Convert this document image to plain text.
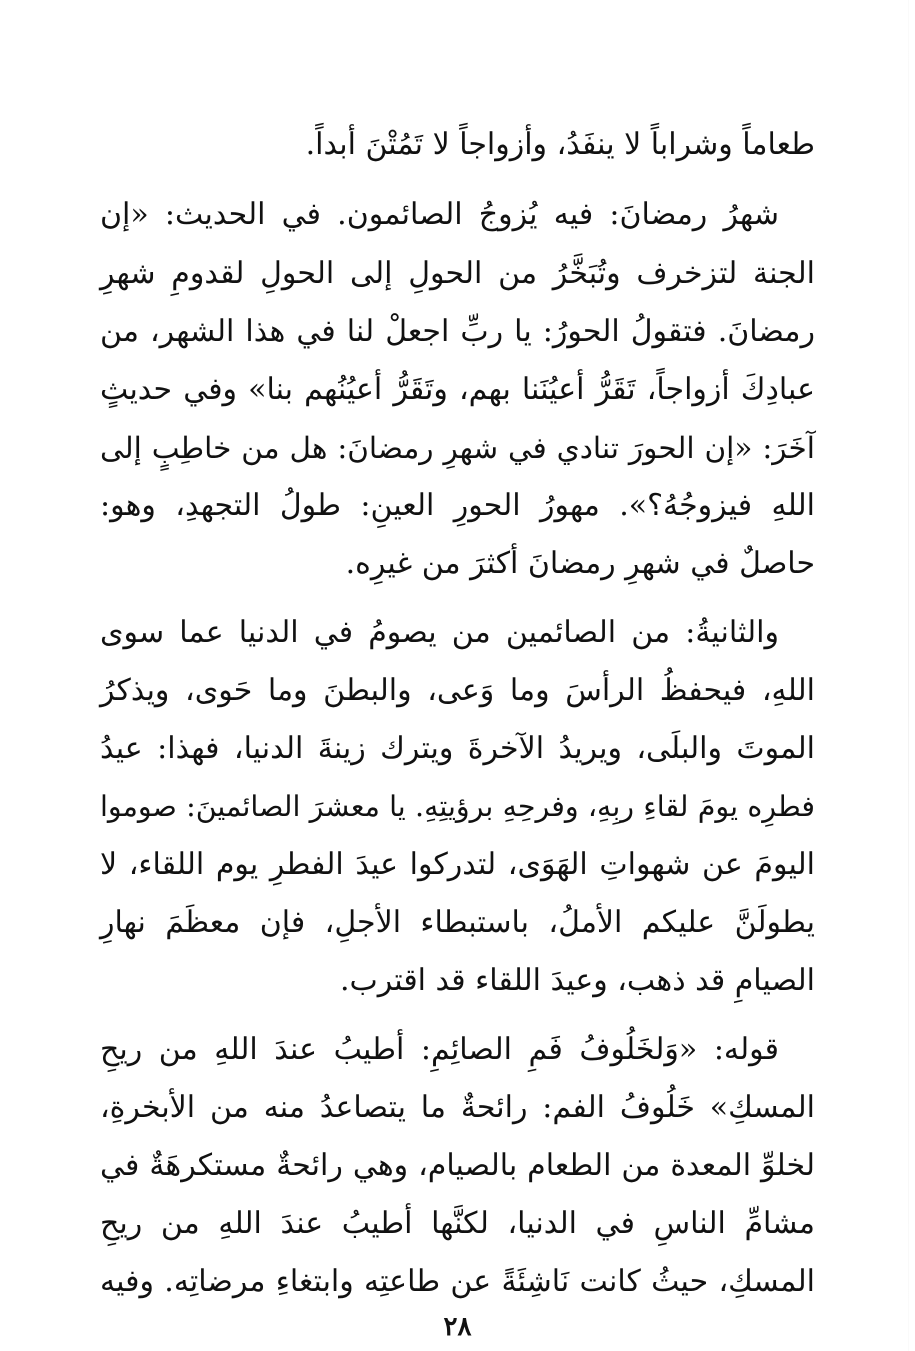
طعاماً وشراباً لا ينفَدُ، وأزواجاً لا تَمُتْنَ أبداً.
شهرُ رمضانَ: فيه يُزوجُ الصائمون. في الحديث: «إن
الجنة لتزخرف وتُبَخَّرُ من الحولِ إلى الحولِ لقدومِ شهرِ
رمضانَ. فتقولُ الحورُ: يا ربِّ اجعلْ لنا في هذا الشهر، من
عبادِكَ أزواجاً، تَقَرُّ أعيُنَنا بهم، وتَقَرُّ أعيُنُهم بنا» وفي حديثٍ
آخَرَ: «إن الحورَ تنادي في شهرِ رمضانَ: هل من خاطِبٍ إلى
اللهِ فيزوجُهُ؟». مهورُ الحورِ العينِ: طولُ التجهدِ، وهو:
حاصلٌ في شهرِ رمضانَ أكثرَ من غيرِه.
والثانيةُ: من الصائمين من يصومُ في الدنيا عما سوى
اللهِ، فيحفظُ الرأسَ وما وَعى، والبطنَ وما حَوى، ويذكرُ
الموتَ والبلَى، ويريدُ الآخرةَ ويترك زينةَ الدنيا، فهذا: عيدُ
فطرِه يومَ لقاءِ ربِهِ، وفرحِهِ برؤيتِهِ. يا معشرَ الصائمينَ: صوموا
اليومَ عن شهواتِ الهَوَى، لتدركوا عيدَ الفطرِ يوم اللقاء، لا
يطولَنَّ عليكم الأملُ، باستبطاء الأجلِ، فإن معظَمَ نهارِ
الصيامِ قد ذهب، وعيدَ اللقاء قد اقترب.
قوله: «وَلخَلُوفُ فَمِ الصائِمِ: أطيبُ عندَ اللهِ من ريحِ
المسكِ» خَلُوفُ الفم: رائحةٌ ما يتصاعدُ منه من الأبخرةِ،
لخلوِّ المعدة من الطعام بالصيام، وهي رائحةٌ مستكرهَةٌ في
مشامِّ الناسِ في الدنيا، لكنَّها أطيبُ عندَ اللهِ من ريحِ
المسكِ، حيثُ كانت نَاشِئَةً عن طاعتِه وابتغاءِ مرضاتِه. وفيه
٢٨
